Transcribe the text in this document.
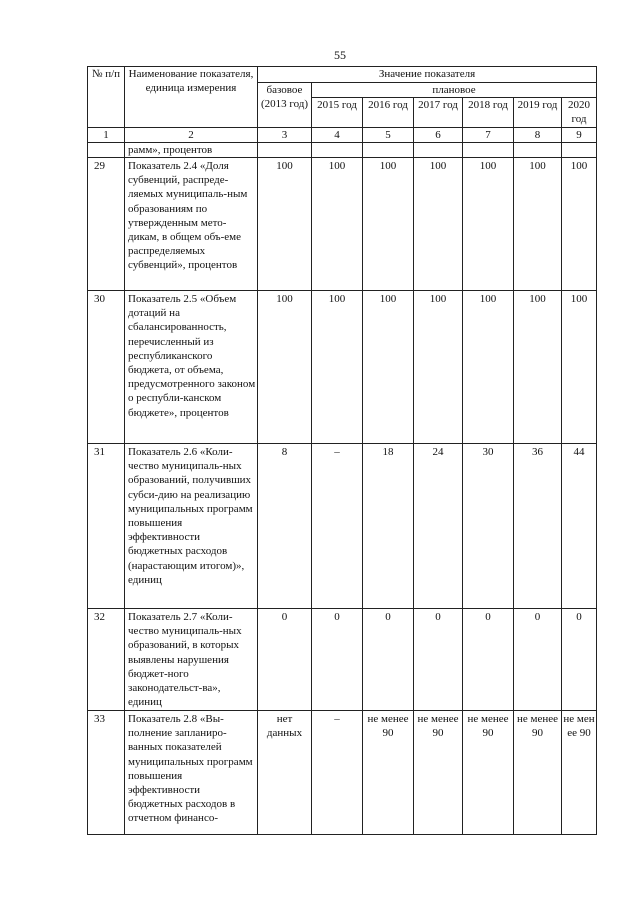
55
№ п/п	Наименование показателя, единица измерения	Значение показателя						
		базовое (2013 год)	плановое					
			2015 год	2016 год	2017 год	2018 год	2019 год	2020 год
1	2	3	4	5	6	7	8	9
	рамм», процентов							
29	Показатель 2.4 «Доля субвенций, распреде-ляемых муниципаль-ным образованиям по утвержденным мето-дикам, в общем объ-еме распределяемых субвенций», процентов	100	100	100	100	100	100	100
30	Показатель 2.5 «Объем дотаций на сбалансированность, перечисленный из республиканского бюджета, от объема, предусмотренного законом о республи-канском бюджете», процентов	100	100	100	100	100	100	100
31	Показатель 2.6 «Коли-чество муниципаль-ных образований, получивших субси-дию на реализацию муниципальных программ повышения эффективности бюджетных расходов (нарастающим итогом)», единиц	8	–	18	24	30	36	44
32	Показатель 2.7 «Коли-чество муниципаль-ных образований, в которых выявлены нарушения бюджет-ного законодательст-ва», единиц	0	0	0	0	0	0	0
33	Показатель 2.8 «Вы-полнение запланиро-ванных показателей муниципальных программ повышения эффективности бюджетных расходов в отчетном финансо-	нет данных	–	не менее 90	не менее 90	не менее 90	не менее 90	не мен ее 90
